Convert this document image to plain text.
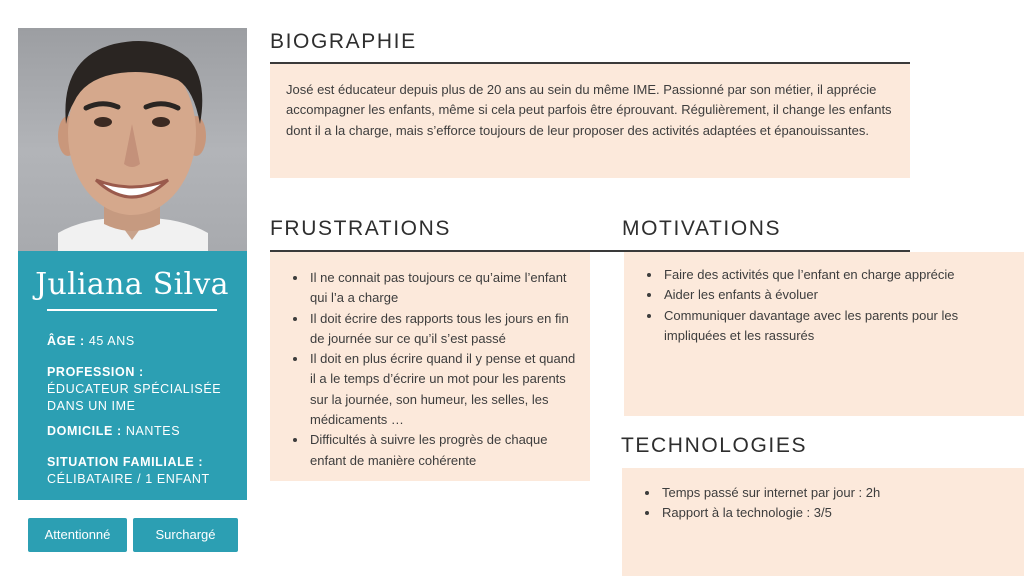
Juliana Silva
ÂGE : 45 ANS
PROFESSION : ÉDUCATEUR SPÉCIALISÉE DANS UN IME
DOMICILE : NANTES
SITUATION FAMILIALE :
CÉLIBATAIRE / 1 ENFANT
Attentionné	Surchargé
BIOGRAPHIE

José est éducateur depuis plus de 20 ans au sein du même IME. Passionné par son métier, il apprécie accompagner les enfants, même si cela peut parfois être éprouvant. Régulièrement, il change les enfants dont il a la charge, mais s’efforce toujours de leur proposer des activités adaptées et épanouissantes.

FRUSTRATIONS
• Il ne connait pas toujours ce qu’aime l’enfant qui l’a a charge
• Il doit écrire des rapports tous les jours en fin de journée sur ce qu’il s’est passé
• Il doit en plus écrire quand il y pense et quand il a le temps d’écrire un mot pour les parents sur la journée, son humeur, les selles, les médicaments …
• Difficultés à suivre les progrès de chaque enfant de manière cohérente
MOTIVATIONS
• Faire des activités que l’enfant en charge apprécie
• Aider les enfants à évoluer
• Communiquer davantage avec les parents pour les impliquées et les rassurés
TECHNOLOGIES
• Temps passé sur internet par jour : 2h
• Rapport à la technologie : 3/5
